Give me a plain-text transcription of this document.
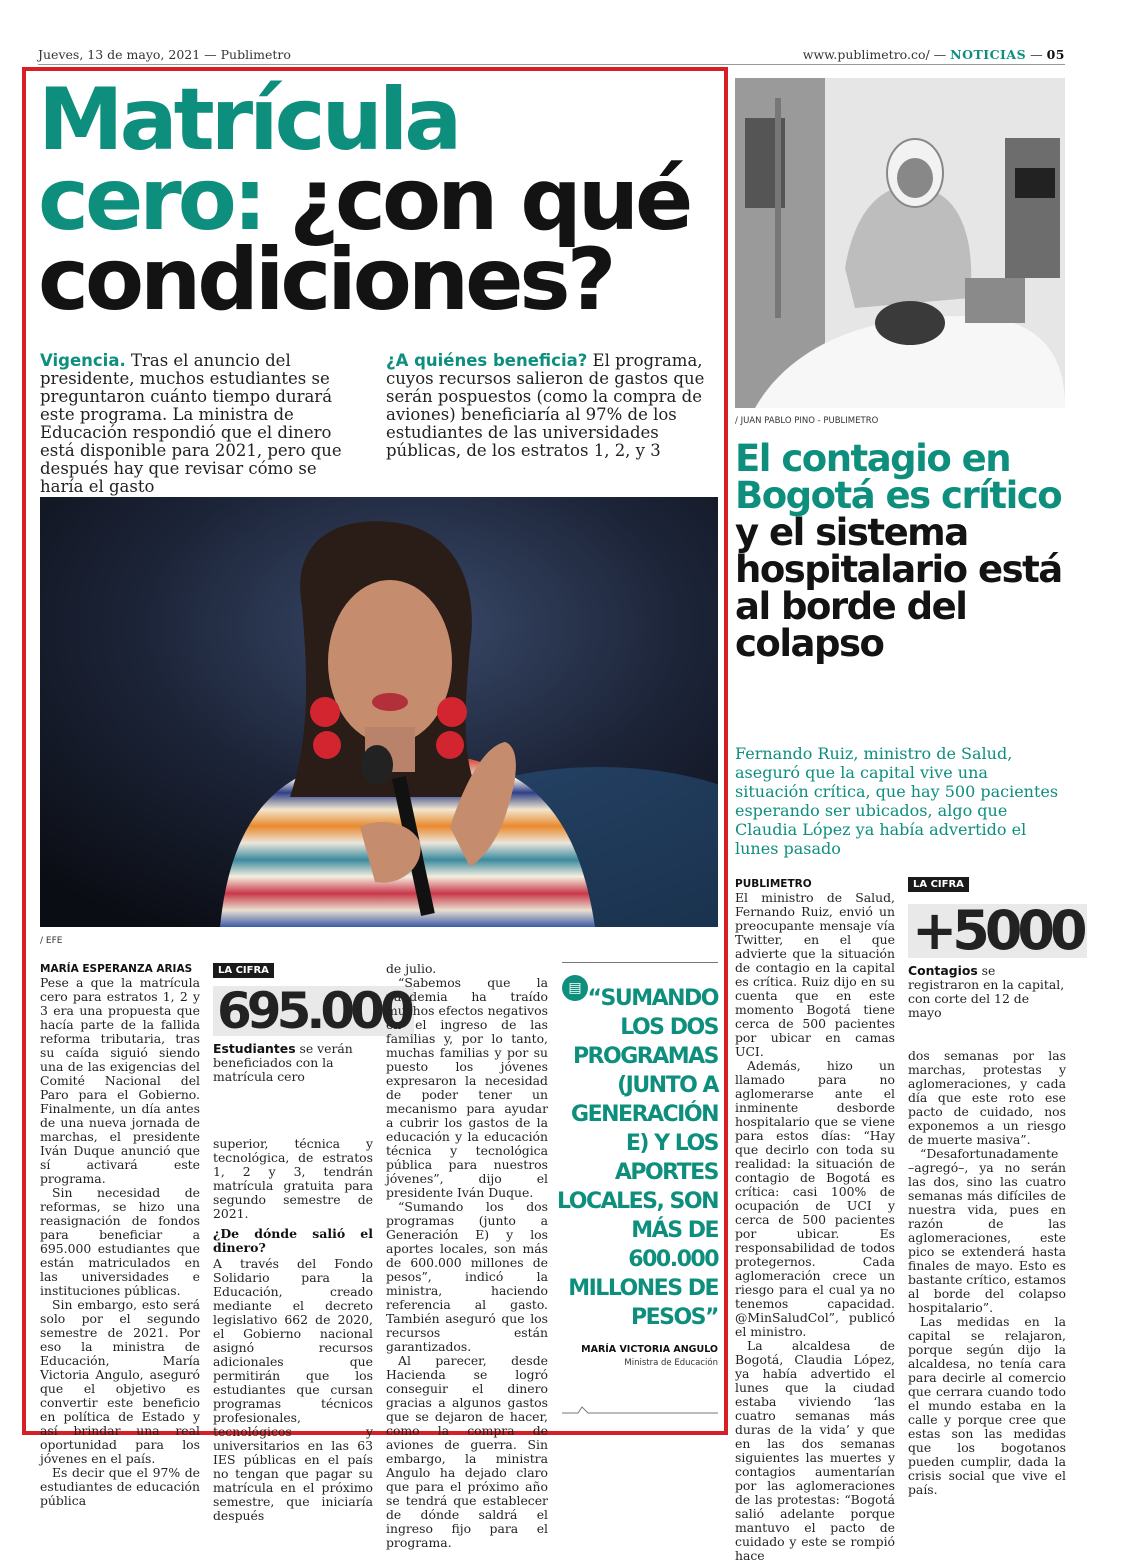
Jueves, 13 de mayo, 2021 — Publimetro	www.publimetro.co/ — NOTICIAS — 05
Matrícula
cero: ¿con qué
condiciones?
Vigencia. Tras el anuncio del presidente, muchos estudiantes se preguntaron cuánto tiempo durará este programa. La ministra de Educación respondió que el dinero está disponible para 2021, pero que después hay que revisar cómo se haría el gasto
¿A quiénes beneficia? El programa, cuyos recursos salieron de gastos que serán pospuestos (como la compra de aviones) beneficiaría al 97% de los estudiantes de las universidades públicas, de los estratos 1, 2, y 3
/ EFE
MARÍA ESPERANZA ARIAS

Pese a que la matrícula cero para estratos 1, 2 y 3 era una propuesta que hacía parte de la fallida reforma tributaria, tras su caída siguió siendo una de las exigencias del Comité Nacional del Paro para el Gobierno. Finalmente, un día antes de una nueva jornada de marchas, el presidente Iván Duque anunció que sí activará este programa.

Sin necesidad de reformas, se hizo una reasignación de fondos para beneficiar a 695.000 estudiantes que están matriculados en las universidades e instituciones públicas.

Sin embargo, esto será solo por el segundo semestre de 2021. Por eso la ministra de Educación, María Victoria Angulo, aseguró que el objetivo es convertir este beneficio en política de Estado y así brindar una real oportunidad para los jóvenes en el país.

Es decir que el 97% de estudiantes de educación pública

LA CIFRA
695.000
Estudiantes se verán beneficiados con la matrícula cero

superior, técnica y tecnológica, de estratos 1, 2 y 3, tendrán matrícula gratuita para segundo semestre de 2021.

¿De dónde salió el dinero?

A través del Fondo Solidario para la Educación, creado mediante el decreto legislativo 662 de 2020, el Gobierno nacional asignó recursos adicionales que permitirán que los estudiantes que cursan programas técnicos profesionales, tecnológicos y universitarios en las 63 IES públicas en el país no tengan que pagar su matrícula en el próximo semestre, que iniciaría después

de julio.

“Sabemos que la pandemia ha traído muchos efectos negativos en el ingreso de las familias y, por lo tanto, muchas familias y por su puesto los jóvenes expresaron la necesidad de poder tener un mecanismo para ayudar a cubrir los gastos de la educación y la educación técnica y tecnológica pública para nuestros jóvenes”, dijo el presidente Iván Duque.

“Sumando los dos programas (junto a Generación E) y los aportes locales, son más de 600.000 millones de pesos”, indicó la ministra, haciendo referencia al gasto. También aseguró que los recursos están garantizados.

Al parecer, desde Hacienda se logró conseguir el dinero gracias a algunos gastos que se dejaron de hacer, como la compra de aviones de guerra. Sin embargo, la ministra Angulo ha dejado claro que para el próximo año se tendrá que establecer de dónde saldrá el ingreso fijo para el programa.

▤ “SUMANDO LOS DOS PROGRAMAS (JUNTO A GENERACIÓN E) Y LOS APORTES LOCALES, SON MÁS DE 600.000 MILLONES DE PESOS”
MARÍA VICTORIA ANGULO
Ministra de Educación
/ JUAN PABLO PINO - PUBLIMETRO
El contagio en Bogotá es crítico y el sistema hospitalario está al borde del colapso
Fernando Ruiz, ministro de Salud, aseguró que la capital vive una situación crítica, que hay 500 pacientes esperando ser ubicados, algo que Claudia López ya había advertido el lunes pasado
PUBLIMETRO

El ministro de Salud, Fernando Ruiz, envió un preocupante mensaje vía Twitter, en el que advierte que la situación de contagio en la capital es crítica. Ruiz dijo en su cuenta que en este momento Bogotá tiene cerca de 500 pacientes por ubicar en camas UCI.

Además, hizo un llamado para no aglomerarse ante el inminente desborde hospitalario que se viene para estos días: “Hay que decirlo con toda su realidad: la situación de contagio de Bogotá es crítica: casi 100% de ocupación de UCI y cerca de 500 pacientes por ubicar. Es responsabilidad de todos protegernos. Cada aglomeración crece un riesgo para el cual ya no tenemos capacidad. @MinSaludCol”, publicó el ministro.

La alcaldesa de Bogotá, Claudia López, ya había advertido el lunes que la ciudad estaba viviendo ‘las cuatro semanas más duras de la vida’ y que en las dos semanas siguientes las muertes y contagios aumentarían por las aglomeraciones de las protestas: “Bogotá salió adelante porque mantuvo el pacto de cuidado y este se rompió hace

LA CIFRA
+5000
Contagios se registraron en la capital, con corte del 12 de mayo

dos semanas por las marchas, protestas y aglomeraciones, y cada día que este roto ese pacto de cuidado, nos exponemos a un riesgo de muerte masiva”.

“Desafortunadamente –agregó–, ya no serán las dos, sino las cuatro semanas más difíciles de nuestra vida, pues en razón de las aglomeraciones, este pico se extenderá hasta finales de mayo. Esto es bastante crítico, estamos al borde del colapso hospitalario”.

Las medidas en la capital se relajaron, porque según dijo la alcaldesa, no tenía cara para decirle al comercio que cerrara cuando todo el mundo estaba en la calle y porque cree que estas son las medidas que los bogotanos pueden cumplir, dada la crisis social que vive el país.
